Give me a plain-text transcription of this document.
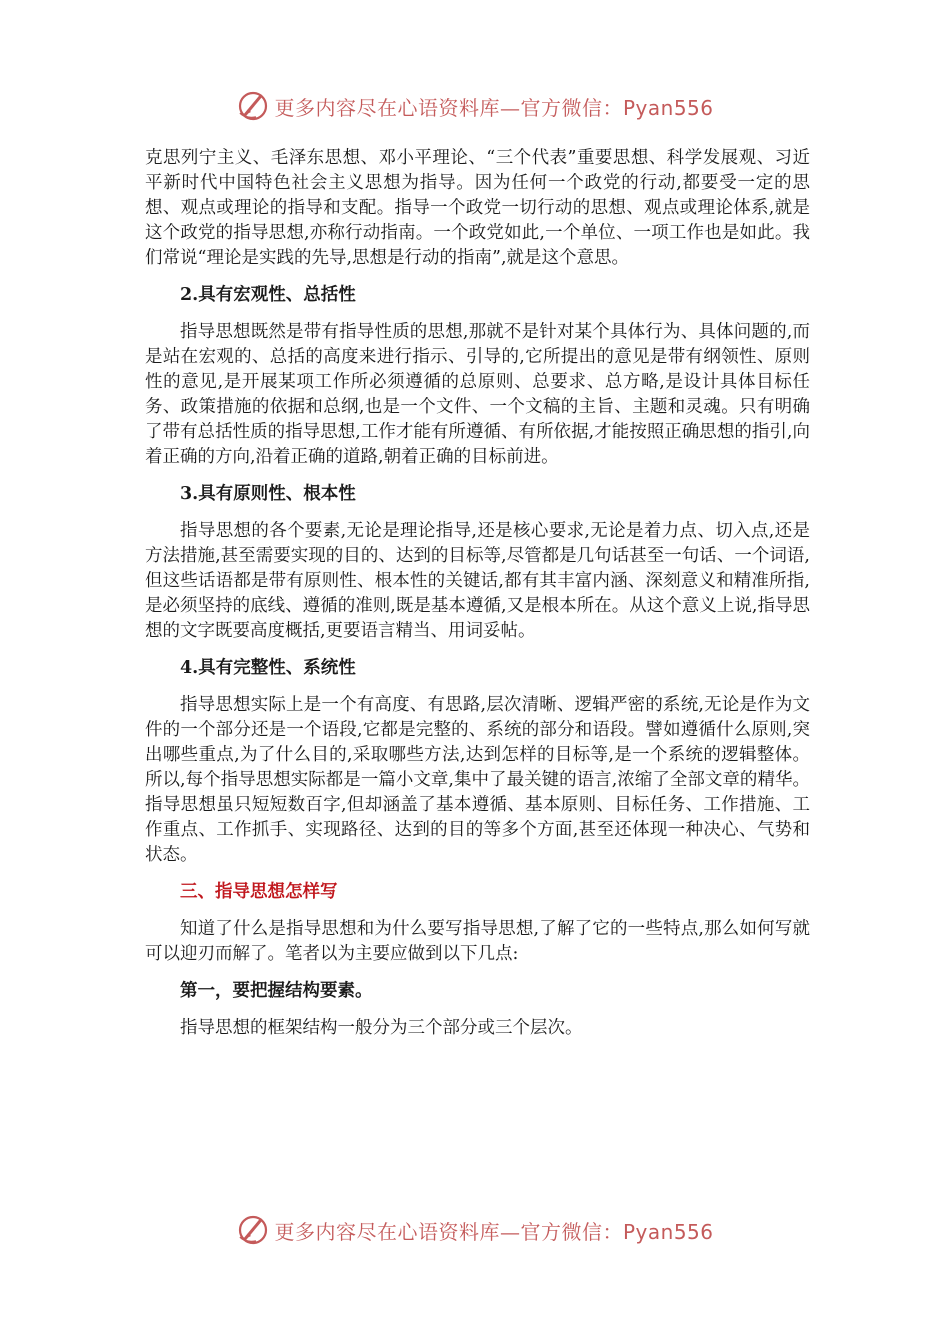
更多内容尽在心语资料库—官方微信：Pyan556

克思列宁主义、毛泽东思想、邓小平理论、“三个代表”重要思想、科学发展观、习近平新时代中国特色社会主义思想为指导。因为任何一个政党的行动,都要受一定的思想、观点或理论的指导和支配。指导一个政党一切行动的思想、观点或理论体系,就是这个政党的指导思想,亦称行动指南。一个政党如此,一个单位、一项工作也是如此。我们常说“理论是实践的先导,思想是行动的指南”,就是这个意思。

2.具有宏观性、总括性

指导思想既然是带有指导性质的思想,那就不是针对某个具体行为、具体问题的,而是站在宏观的、总括的高度来进行指示、引导的,它所提出的意见是带有纲领性、原则性的意见,是开展某项工作所必须遵循的总原则、总要求、总方略,是设计具体目标任务、政策措施的依据和总纲,也是一个文件、一个文稿的主旨、主题和灵魂。只有明确了带有总括性质的指导思想,工作才能有所遵循、有所依据,才能按照正确思想的指引,向着正确的方向,沿着正确的道路,朝着正确的目标前进。

3.具有原则性、根本性

指导思想的各个要素,无论是理论指导,还是核心要求,无论是着力点、切入点,还是方法措施,甚至需要实现的目的、达到的目标等,尽管都是几句话甚至一句话、一个词语,但这些话语都是带有原则性、根本性的关键话,都有其丰富内涵、深刻意义和精准所指,是必须坚持的底线、遵循的准则,既是基本遵循,又是根本所在。从这个意义上说,指导思想的文字既要高度概括,更要语言精当、用词妥帖。

4.具有完整性、系统性

指导思想实际上是一个有高度、有思路,层次清晰、逻辑严密的系统,无论是作为文件的一个部分还是一个语段,它都是完整的、系统的部分和语段。譬如遵循什么原则,突出哪些重点,为了什么目的,采取哪些方法,达到怎样的目标等,是一个系统的逻辑整体。所以,每个指导思想实际都是一篇小文章,集中了最关键的语言,浓缩了全部文章的精华。指导思想虽只短短数百字,但却涵盖了基本遵循、基本原则、目标任务、工作措施、工作重点、工作抓手、实现路径、达到的目的等多个方面,甚至还体现一种决心、气势和状态。

三、指导思想怎样写

知道了什么是指导思想和为什么要写指导思想,了解了它的一些特点,那么如何写就可以迎刃而解了。笔者以为主要应做到以下几点:

第一，要把握结构要素。

指导思想的框架结构一般分为三个部分或三个层次。

更多内容尽在心语资料库—官方微信：Pyan556
